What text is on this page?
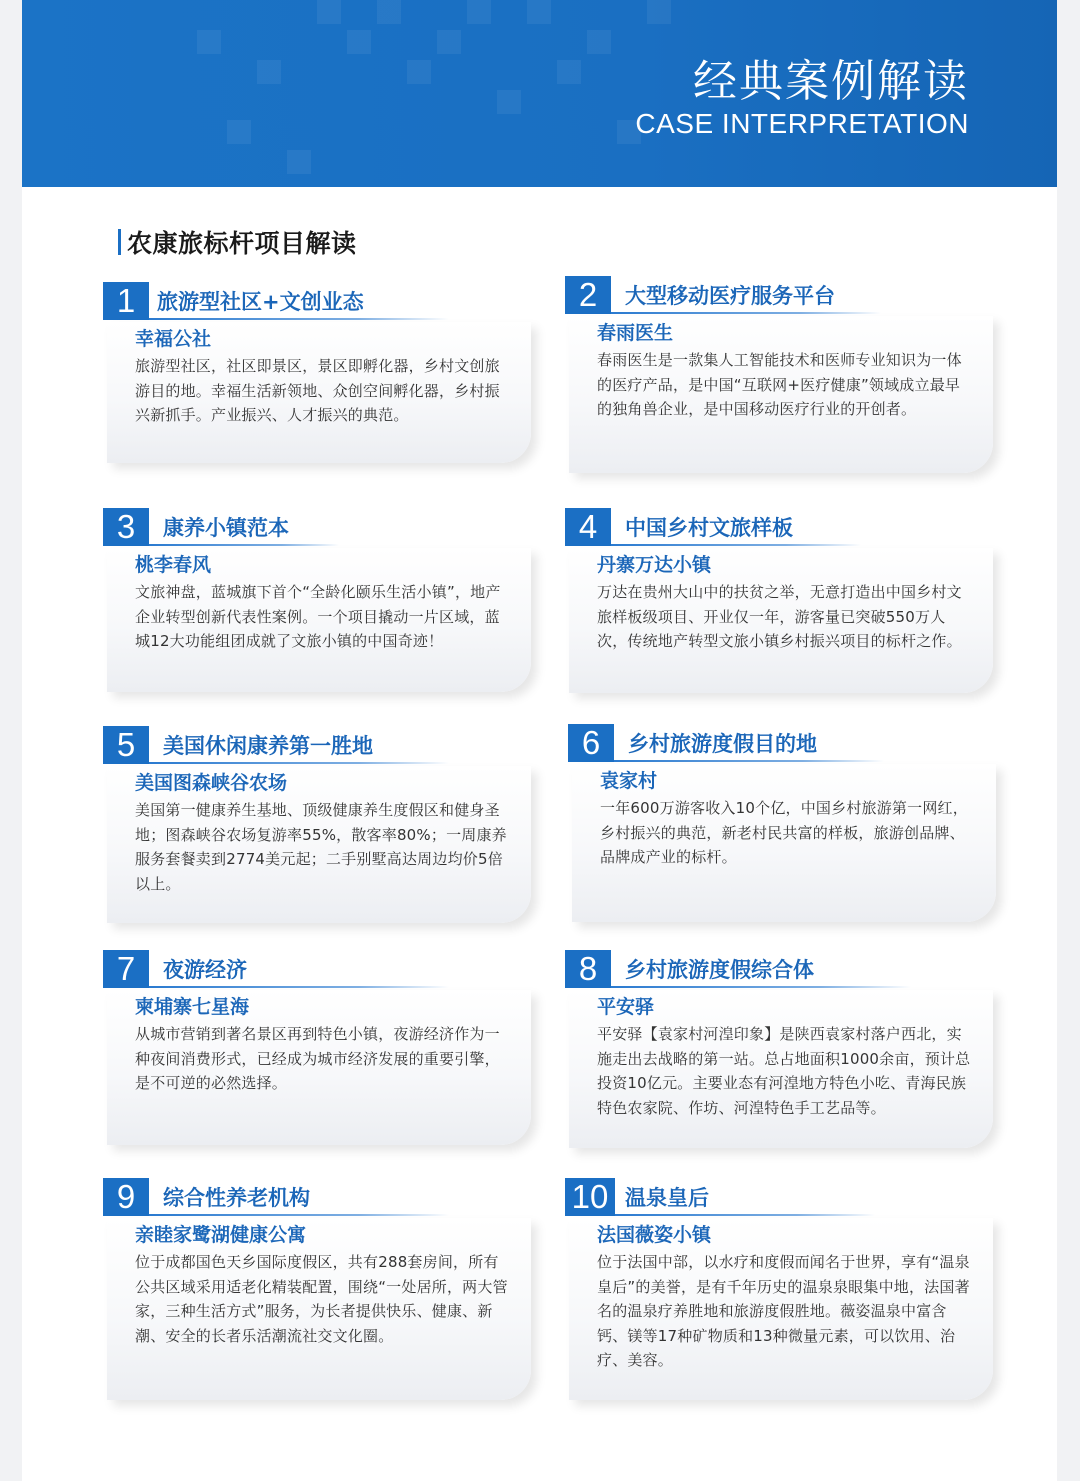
经典案例解读
CASE INTERPRETATION
农康旅标杆项目解读
1	旅游型社区+文创业态
幸福公社
旅游型社区，社区即景区，景区即孵化器，乡村文创旅游目的地。幸福生活新领地、众创空间孵化器，乡村振兴新抓手。产业振兴、人才振兴的典范。
2	大型移动医疗服务平台
春雨医生
春雨医生是一款集人工智能技术和医师专业知识为一体的医疗产品，是中国“互联网+医疗健康”领域成立最早的独角兽企业，是中国移动医疗行业的开创者。
3	康养小镇范本
桃李春风
文旅神盘，蓝城旗下首个“全龄化颐乐生活小镇”，地产企业转型创新代表性案例。一个项目撬动一片区域，蓝城12大功能组团成就了文旅小镇的中国奇迹！
4	中国乡村文旅样板
丹寨万达小镇
万达在贵州大山中的扶贫之举，无意打造出中国乡村文旅样板级项目、开业仅一年，游客量已突破550万人次，传统地产转型文旅小镇乡村振兴项目的标杆之作。
5	美国休闲康养第一胜地
美国图森峡谷农场
美国第一健康养生基地、顶级健康养生度假区和健身圣地；图森峡谷农场复游率55%，散客率80%；一周康养服务套餐卖到2774美元起；二手别墅高达周边均价5倍以上。
6	乡村旅游度假目的地
袁家村
一年600万游客收入10个亿，中国乡村旅游第一网红，乡村振兴的典范，新老村民共富的样板，旅游创品牌、品牌成产业的标杆。
7	夜游经济
柬埔寨七星海
从城市营销到著名景区再到特色小镇，夜游经济作为一种夜间消费形式，已经成为城市经济发展的重要引擎，是不可逆的必然选择。
8	乡村旅游度假综合体
平安驿
平安驿【袁家村河湟印象】是陕西袁家村落户西北，实施走出去战略的第一站。总占地面积1000余亩，预计总投资10亿元。主要业态有河湟地方特色小吃、青海民族特色农家院、作坊、河湟特色手工艺品等。
9	综合性养老机构
亲睦家鹭湖健康公寓
位于成都国色天乡国际度假区，共有288套房间，所有公共区域采用适老化精装配置，围绕“一处居所，两大管家，三种生活方式”服务，为长者提供快乐、健康、新潮、安全的长者乐活潮流社交文化圈。
10 温泉皇后
法国薇姿小镇
位于法国中部，以水疗和度假而闻名于世界，享有“温泉皇后”的美誉，是有千年历史的温泉泉眼集中地，法国著名的温泉疗养胜地和旅游度假胜地。薇姿温泉中富含钙、镁等17种矿物质和13种微量元素，可以饮用、治疗、美容。
